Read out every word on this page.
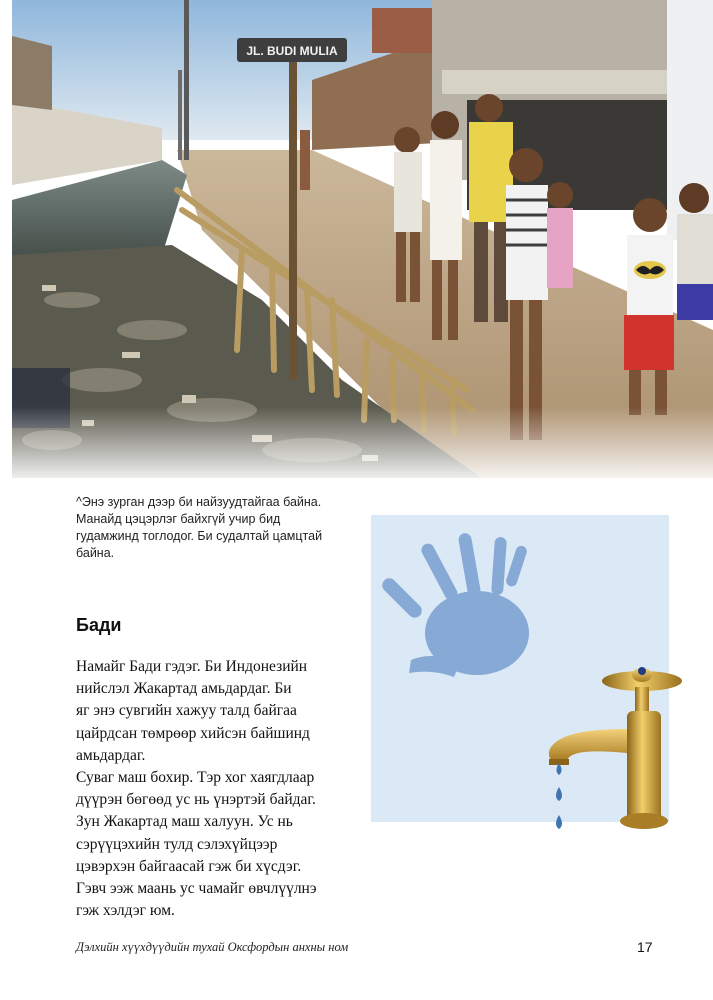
^Энэ зурган дээр би найзуудтайгаа байна. Манайд цэцэрлэг байхгүй учир бид гудамжинд тоглодог. Би судалтай цамцтай байна.

Бади
Намайг Бади гэдэг. Би Индонезийн
нийслэл Жакартад амьдардаг. Би
яг энэ сувгийн хажуу талд байгаа
цайрдсан төмрөөр хийсэн байшинд
амьдардаг.
Суваг маш бохир. Тэр хог хаягдлаар
дүүрэн бөгөөд ус нь үнэртэй байдаг.
Зун Жакартад маш халуун. Ус нь
сэрүүцэхийн тулд сэлэхүйцээр
цэвэрхэн байгаасай гэж би хүсдэг.
Гэвч ээж маань ус чамайг өвчлүүлнэ
гэж хэлдэг юм.

Дэлхийн хүүхдүүдийн тухай Оксфордын анхны ном	17
